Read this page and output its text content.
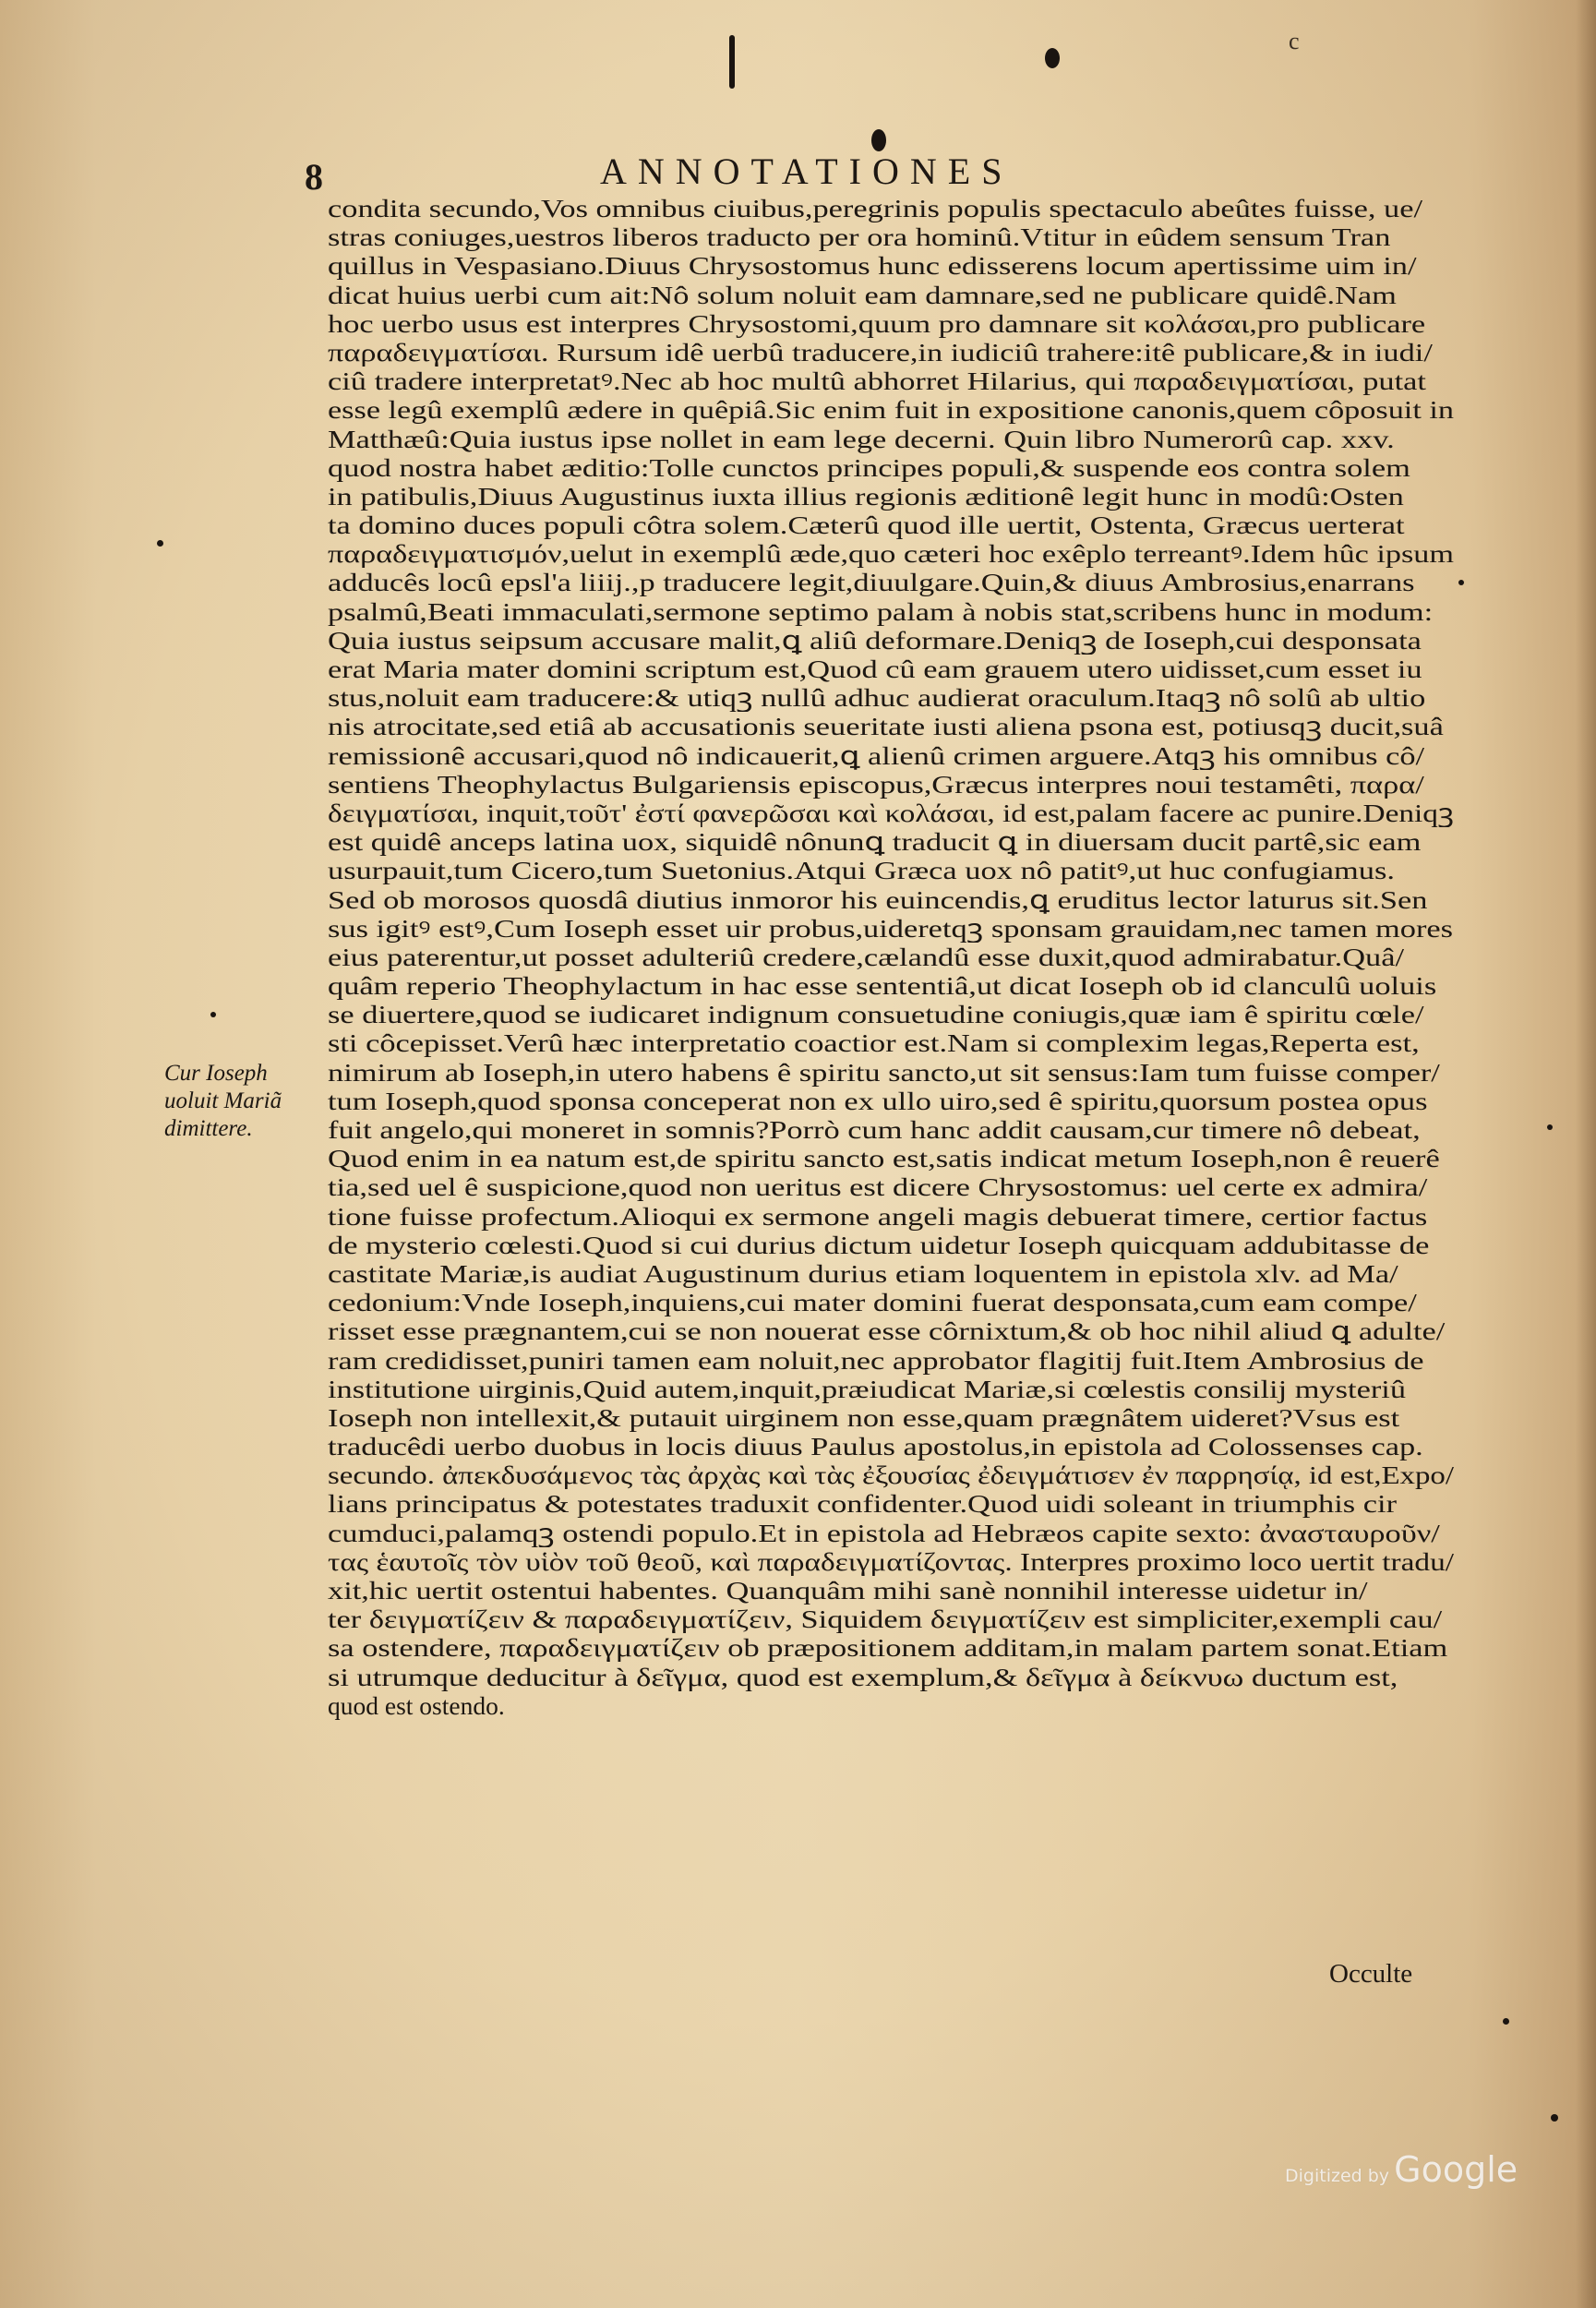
c
8	ANNOTATIONES
condita secundo,Vos omnibus ciuibus,peregrinis populis spectaculo abeûtes fuisse, ue/
stras coniuges,uestros liberos traducto per ora hominû.Vtitur in eûdem sensum Tran
quillus in Vespasiano.Diuus Chrysostomus hunc edisserens locum apertissime uim in/
dicat huius uerbi cum ait:Nô solum noluit eam damnare,sed ne publicare quidê.Nam
hoc uerbo usus est interpres Chrysostomi,quum pro damnare sit κολάσαι,pro publicare
παραδειγματίσαι. Rursum idê uerbû traducere,in iudiciû trahere:itê publicare,& in iudi/
ciû tradere interpretatꝰ.Nec ab hoc multû abhorret Hilarius, qui παραδειγματίσαι, putat
esse legû exemplû ædere in quêpiâ.Sic enim fuit in expositione canonis,quem côposuit in
Matthæû:Quia iustus ipse nollet in eam lege decerni. Quin libro Numerorû cap. xxv.
quod nostra habet æditio:Tolle cunctos principes populi,& suspende eos contra solem
in patibulis,Diuus Augustinus iuxta illius regionis æditionê legit hunc in modû:Osten
ta domino duces populi côtra solem.Cæterû quod ille uertit, Ostenta, Græcus uerterat
παραδειγματισμόν,uelut in exemplû æde,quo cæteri hoc exêplo terreantꝰ.Idem hûc ipsum
adducês locû epsl'a liiij.,p traducere legit,diuulgare.Quin,& diuus Ambrosius,enarrans
psalmû,Beati immaculati,sermone septimo palam à nobis stat,scribens hunc in modum:
Quia iustus seipsum accusare malit,ꝗ aliû deformare.Deniqꝫ de Ioseph,cui desponsata
erat Maria mater domini scriptum est,Quod cû eam grauem utero uidisset,cum esset iu
stus,noluit eam traducere:& utiqꝫ nullû adhuc audierat oraculum.Itaqꝫ nô solû ab ultio
nis atrocitate,sed etiâ ab accusationis seueritate iusti aliena psona est, potiusqꝫ ducit,suâ
remissionê accusari,quod nô indicauerit,ꝗ alienû crimen arguere.Atqꝫ his omnibus cô/
sentiens Theophylactus Bulgariensis episcopus,Græcus interpres noui testamêti, παρα/
δειγματίσαι, inquit,τοῦτ' ἐστί φανερῶσαι καὶ κολάσαι, id est,palam facere ac punire.Deniqꝫ
est quidê anceps latina uox, siquidê nônunꝗ traducit ꝗ in diuersam ducit partê,sic eam
usurpauit,tum Cicero,tum Suetonius.Atqui Græca uox nô patitꝰ,ut huc confugiamus.
Sed ob morosos quosdâ diutius inmoror his euincendis,ꝗ eruditus lector laturus sit.Sen
sus igitꝰ estꝰ,Cum Ioseph esset uir probus,uideretqꝫ sponsam grauidam,nec tamen mores
eius paterentur,ut posset adulteriû credere,cælandû esse duxit,quod admirabatur.Quâ/
quâm reperio Theophylactum in hac esse sententiâ,ut dicat Ioseph ob id clanculû uoluis
se diuertere,quod se iudicaret indignum consuetudine coniugis,quæ iam ê spiritu cœle/
sti côcepisset.Verû hæc interpretatio coactior est.Nam si complexim legas,Reperta est,
nimirum ab Ioseph,in utero habens ê spiritu sancto,ut sit sensus:Iam tum fuisse comper/
tum Ioseph,quod sponsa conceperat non ex ullo uiro,sed ê spiritu,quorsum postea opus
fuit angelo,qui moneret in somnis?Porrò cum hanc addit causam,cur timere nô debeat,
Quod enim in ea natum est,de spiritu sancto est,satis indicat metum Ioseph,non ê reuerê
tia,sed uel ê suspicione,quod non ueritus est dicere Chrysostomus: uel certe ex admira/
tione fuisse profectum.Alioqui ex sermone angeli magis debuerat timere, certior factus
de mysterio cœlesti.Quod si cui durius dictum uidetur Ioseph quicquam addubitasse de
castitate Mariæ,is audiat Augustinum durius etiam loquentem in epistola xlv. ad Ma/
cedonium:Vnde Ioseph,inquiens,cui mater domini fuerat desponsata,cum eam compe/
risset esse prægnantem,cui se non nouerat esse côrnixtum,& ob hoc nihil aliud ꝗ adulte/
ram credidisset,puniri tamen eam noluit,nec approbator flagitij fuit.Item Ambrosius de
institutione uirginis,Quid autem,inquit,præiudicat Mariæ,si cœlestis consilij mysteriû
Ioseph non intellexit,& putauit uirginem non esse,quam prægnâtem uideret?Vsus est
traducêdi uerbo duobus in locis diuus Paulus apostolus,in epistola ad Colossenses cap.
secundo. ἀπεκδυσάμενος τὰς ἀρχὰς καὶ τὰς ἐξουσίας ἐδειγμάτισεν ἐν παρρησίᾳ, id est,Expo/
lians principatus & potestates traduxit confidenter.Quod uidi soleant in triumphis cir
cumduci,palamqꝫ ostendi populo.Et in epistola ad Hebræos capite sexto: ἀνασταυροῦν/
τας ἑαυτοῖς τὸν υἱὸν τοῦ θεοῦ, καὶ παραδειγματίζοντας. Interpres proximo loco uertit tradu/
xit,hic uertit ostentui habentes. Quanquâm mihi sanè nonnihil interesse uidetur in/
ter δειγματίζειν & παραδειγματίζειν, Siquidem δειγματίζειν est simpliciter,exempli cau/
sa ostendere, παραδειγματίζειν ob præpositionem additam,in malam partem sonat.Etiam
si utrumque deducitur à δεῖγμα, quod est exemplum,& δεῖγμα à δείκνυω ductum est,
quod est ostendo.
Cur Ioseph
uoluit Mariã
dimittere.
Occulte
Digitized by Google
